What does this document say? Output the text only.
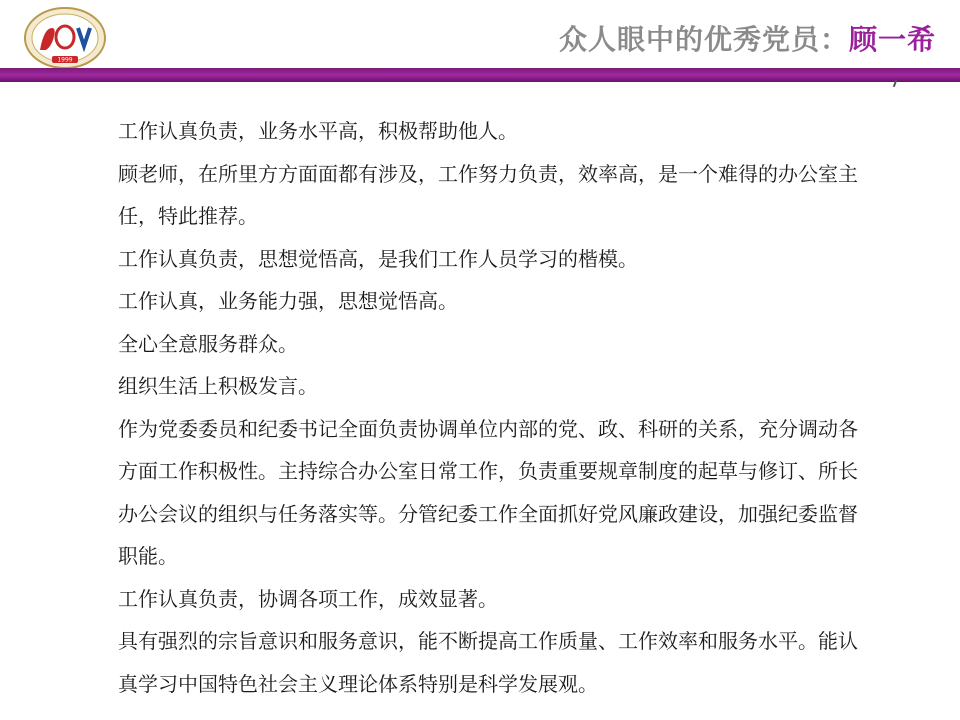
1999
众人眼中的优秀党员：顾一希

工作认真负责，业务水平高，积极帮助他人。

顾老师，在所里方方面面都有涉及，工作努力负责，效率高，是一个难得的办公室主任，特此推荐。

工作认真负责，思想觉悟高，是我们工作人员学习的楷模。

工作认真，业务能力强，思想觉悟高。

全心全意服务群众。

组织生活上积极发言。

作为党委委员和纪委书记全面负责协调单位内部的党、政、科研的关系，充分调动各方面工作积极性。主持综合办公室日常工作，负责重要规章制度的起草与修订、所长办公会议的组织与任务落实等。分管纪委工作全面抓好党风廉政建设，加强纪委监督职能。

工作认真负责，协调各项工作，成效显著。

具有强烈的宗旨意识和服务意识，能不断提高工作质量、工作效率和服务水平。能认真学习中国特色社会主义理论体系特别是科学发展观。
